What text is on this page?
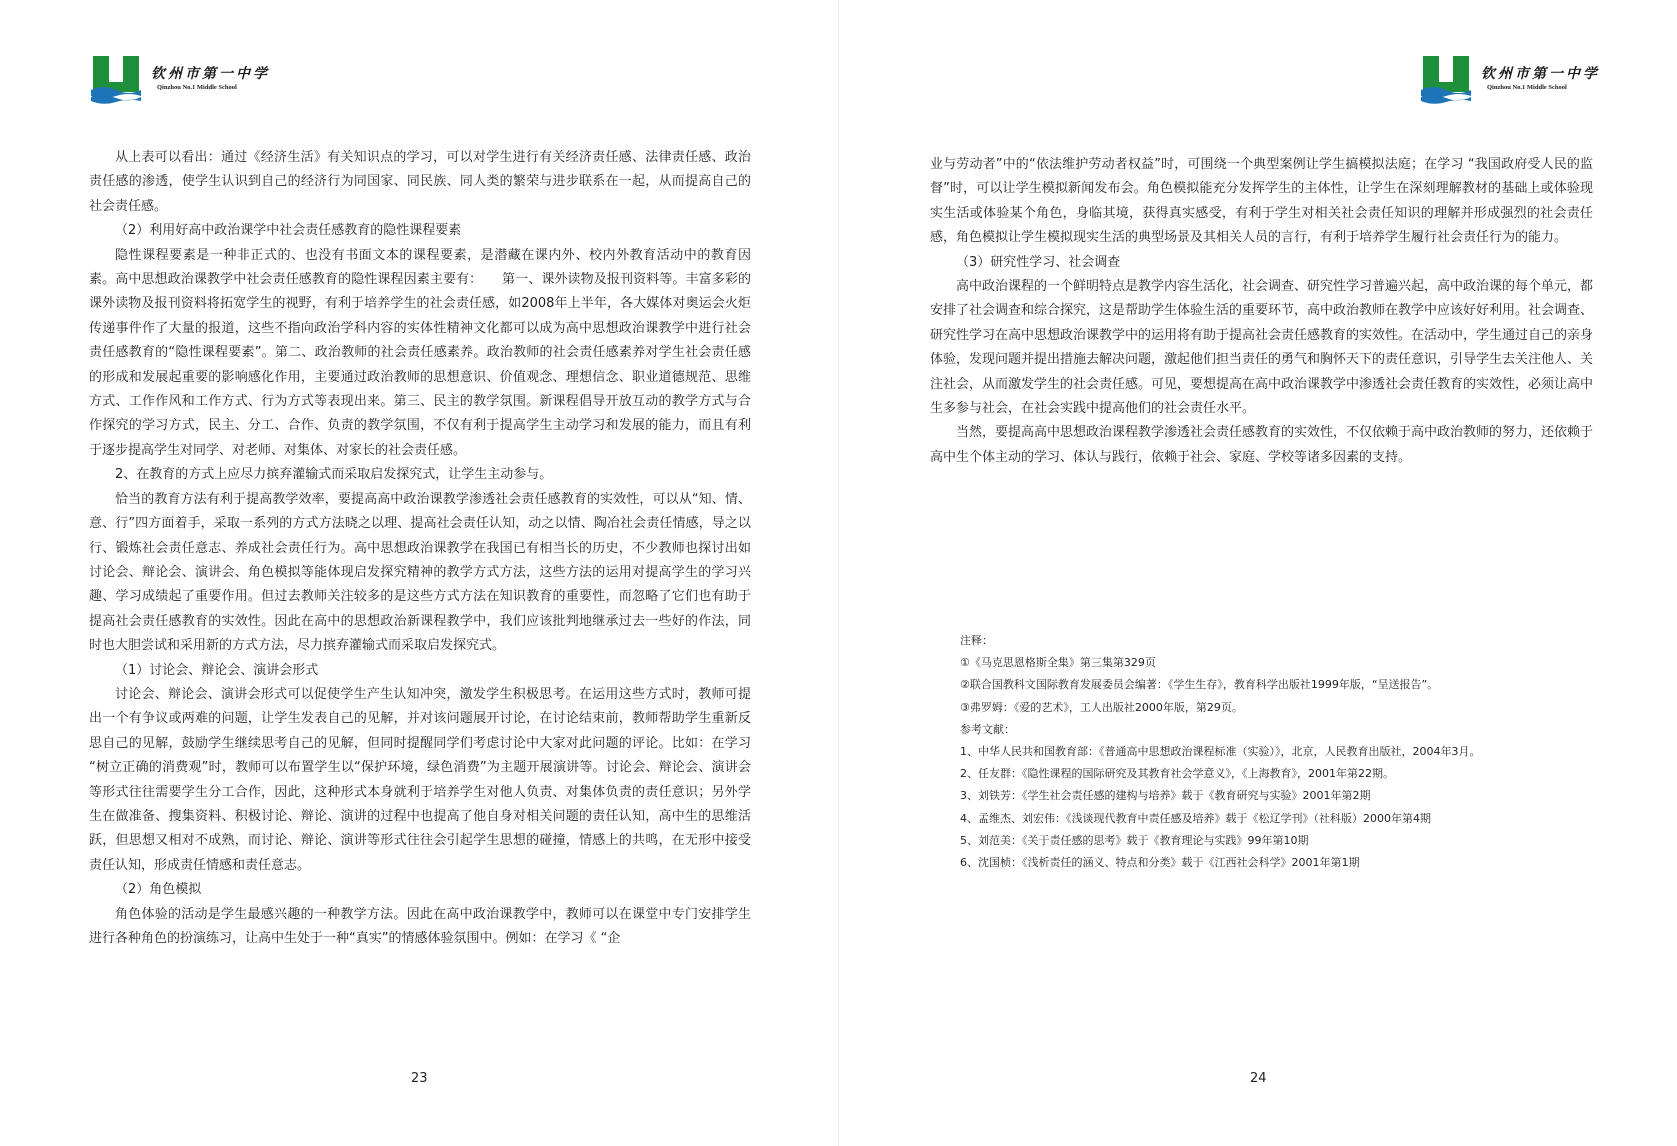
钦州市第一中学
Qinzhou No.1 Middle School

从上表可以看出：通过《经济生活》有关知识点的学习，可以对学生进行有关经济责任感、法律责任感、政治责任感的渗透，使学生认识到自己的经济行为同国家、同民族、同人类的繁荣与进步联系在一起，从而提高自己的社会责任感。

（2）利用好高中政治课学中社会责任感教育的隐性课程要素

隐性课程要素是一种非正式的、也没有书面文本的课程要素，是潜藏在课内外、校内外教育活动中的教育因素。高中思想政治课教学中社会责任感教育的隐性课程因素主要有：　　第一、课外读物及报刊资料等。丰富多彩的课外读物及报刊资料将拓宽学生的视野，有利于培养学生的社会责任感，如2008年上半年，各大媒体对奥运会火炬传递事件作了大量的报道，这些不指向政治学科内容的实体性精神文化都可以成为高中思想政治课教学中进行社会责任感教育的“隐性课程要素”。第二、政治教师的社会责任感素养。政治教师的社会责任感素养对学生社会责任感的形成和发展起重要的影响感化作用，主要通过政治教师的思想意识、价值观念、理想信念、职业道德规范、思维方式、工作作风和工作方式、行为方式等表现出来。第三、民主的教学氛围。新课程倡导开放互动的教学方式与合作探究的学习方式，民主、分工、合作、负责的教学氛围，不仅有利于提高学生主动学习和发展的能力，而且有利于逐步提高学生对同学、对老师、对集体、对家长的社会责任感。

2、在教育的方式上应尽力摈弃灌输式而采取启发探究式，让学生主动参与。

恰当的教育方法有利于提高教学效率，要提高高中政治课教学渗透社会责任感教育的实效性，可以从“知、情、意、行”四方面着手，采取一系列的方式方法晓之以理、提高社会责任认知，动之以情、陶冶社会责任情感，导之以行、锻炼社会责任意志、养成社会责任行为。高中思想政治课教学在我国已有相当长的历史，不少教师也探讨出如讨论会、辩论会、演讲会、角色模拟等能体现启发探究精神的教学方式方法，这些方法的运用对提高学生的学习兴趣、学习成绩起了重要作用。但过去教师关注较多的是这些方式方法在知识教育的重要性，而忽略了它们也有助于提高社会责任感教育的实效性。因此在高中的思想政治新课程教学中，我们应该批判地继承过去一些好的作法，同时也大胆尝试和采用新的方式方法，尽力摈弃灌输式而采取启发探究式。

（1）讨论会、辩论会、演讲会形式

讨论会、辩论会、演讲会形式可以促使学生产生认知冲突，激发学生积极思考。在运用这些方式时，教师可提出一个有争议或两难的问题，让学生发表自己的见解，并对该问题展开讨论，在讨论结束前，教师帮助学生重新反思自己的见解，鼓励学生继续思考自己的见解，但同时提醒同学们考虑讨论中大家对此问题的评论。比如：在学习 “树立正确的消费观”时，教师可以布置学生以“保护环境，绿色消费”为主题开展演讲等。讨论会、辩论会、演讲会等形式往往需要学生分工合作，因此，这种形式本身就利于培养学生对他人负责、对集体负责的责任意识；另外学生在做准备、搜集资料、积极讨论、辩论、演讲的过程中也提高了他自身对相关问题的责任认知，高中生的思维活跃，但思想又相对不成熟，而讨论、辩论、演讲等形式往往会引起学生思想的碰撞，情感上的共鸣，在无形中接受责任认知，形成责任情感和责任意志。

（2）角色模拟

角色体验的活动是学生最感兴趣的一种教学方法。因此在高中政治课教学中，教师可以在课堂中专门安排学生进行各种角色的扮演练习，让高中生处于一种“真实”的情感体验氛围中。例如：在学习《 “企

23
钦州市第一中学
Qinzhou No.1 Middle School

业与劳动者”中的“依法维护劳动者权益”时，可围绕一个典型案例让学生搞模拟法庭；在学习 “我国政府受人民的监督”时，可以让学生模拟新闻发布会。角色模拟能充分发挥学生的主体性，让学生在深刻理解教材的基础上或体验现实生活或体验某个角色，身临其境，获得真实感受，有利于学生对相关社会责任知识的理解并形成强烈的社会责任感，角色模拟让学生模拟现实生活的典型场景及其相关人员的言行，有利于培养学生履行社会责任行为的能力。

（3）研究性学习、社会调查

高中政治课程的一个鲜明特点是教学内容生活化，社会调查、研究性学习普遍兴起，高中政治课的每个单元，都安排了社会调查和综合探究，这是帮助学生体验生活的重要环节，高中政治教师在教学中应该好好利用。社会调查、研究性学习在高中思想政治课教学中的运用将有助于提高社会责任感教育的实效性。在活动中，学生通过自己的亲身体验，发现问题并提出措施去解决问题，激起他们担当责任的勇气和胸怀天下的责任意识，引导学生去关注他人、关注社会，从而激发学生的社会责任感。可见，要想提高在高中政治课教学中渗透社会责任教育的实效性，必须让高中生多参与社会，在社会实践中提高他们的社会责任水平。

当然，要提高高中思想政治课程教学渗透社会责任感教育的实效性，不仅依赖于高中政治教师的努力，还依赖于高中生个体主动的学习、体认与践行，依赖于社会、家庭、学校等诸多因素的支持。

注释：
①《马克思恩格斯全集》第三集第329页
②联合国教科文国际教育发展委员会编著：《学生生存》，教育科学出版社1999年版，“呈送报告”。
③弗罗姆：《爱的艺术》，工人出版社2000年版，第29页。
参考文献：
1、中华人民共和国教育部：《普通高中思想政治课程标准（实验）》，北京，人民教育出版社，2004年3月。
2、任友群：《隐性课程的国际研究及其教育社会学意义》，《上海教育》，2001年第22期。
3、刘铁芳：《学生社会责任感的建构与培养》载于《教育研究与实验》2001年第2期
4、孟维杰、刘宏伟：《浅谈现代教育中责任感及培养》载于《松辽学刊》（社科版）2000年第4期
5、刘范美：《关于责任感的思考》载于《教育理论与实践》99年第10期
6、沈国桢：《浅析责任的涵义、特点和分类》载于《江西社会科学》2001年第1期
24
